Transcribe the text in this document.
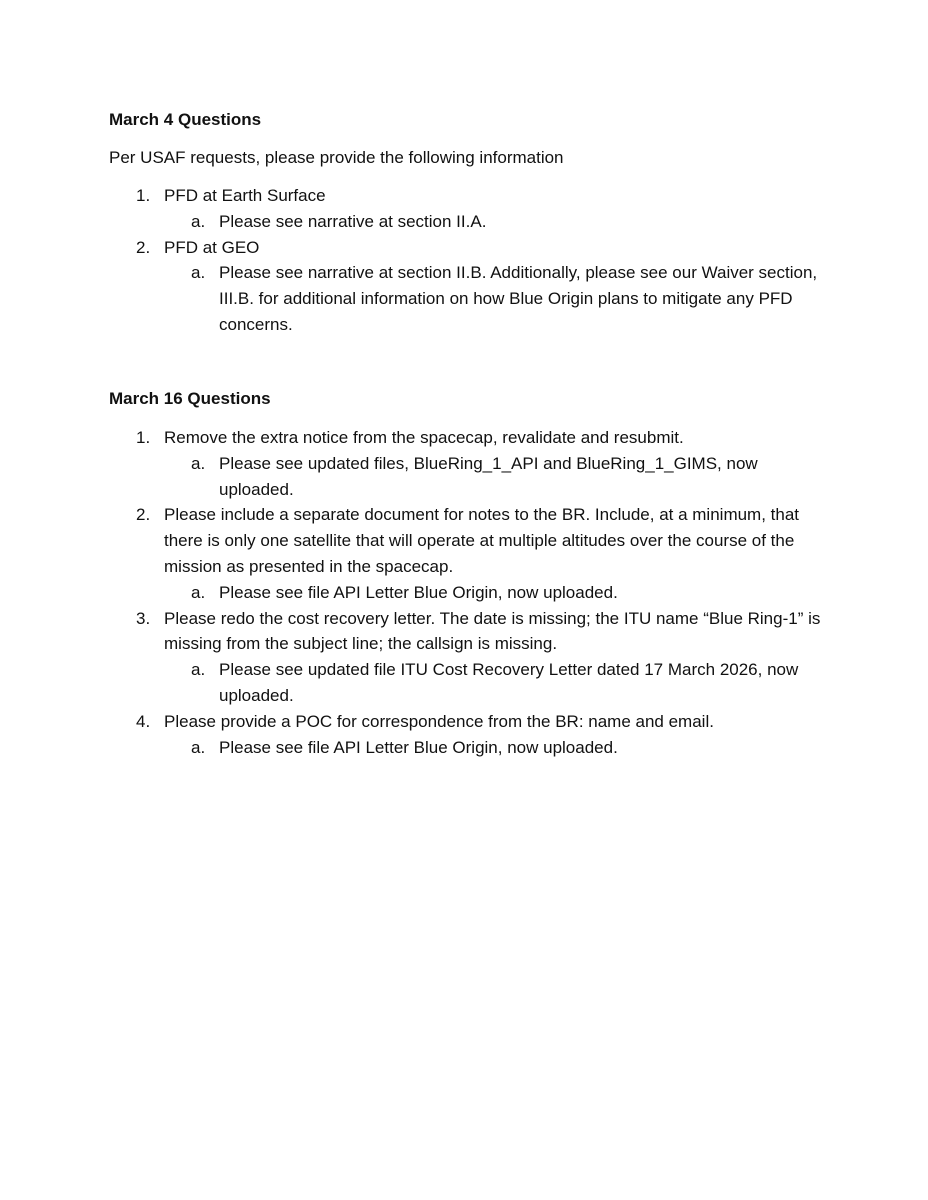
March 4 Questions

Per USAF requests, please provide the following information

1. PFD at Earth Surface
a. Please see narrative at section II.A.
2. PFD at GEO
a. Please see narrative at section II.B. Additionally, please see our Waiver section, III.B. for additional information on how Blue Origin plans to mitigate any PFD concerns.

March 16 Questions

1. Remove the extra notice from the spacecap, revalidate and resubmit.
a. Please see updated files, BlueRing_1_API and BlueRing_1_GIMS, now uploaded.
2. Please include a separate document for notes to the BR. Include, at a minimum, that there is only one satellite that will operate at multiple altitudes over the course of the mission as presented in the spacecap.
a. Please see file API Letter Blue Origin, now uploaded.
3. Please redo the cost recovery letter. The date is missing; the ITU name “Blue Ring-1” is missing from the subject line; the callsign is missing.
a. Please see updated file ITU Cost Recovery Letter dated 17 March 2026, now uploaded.
4. Please provide a POC for correspondence from the BR: name and email.
a. Please see file API Letter Blue Origin, now uploaded.
